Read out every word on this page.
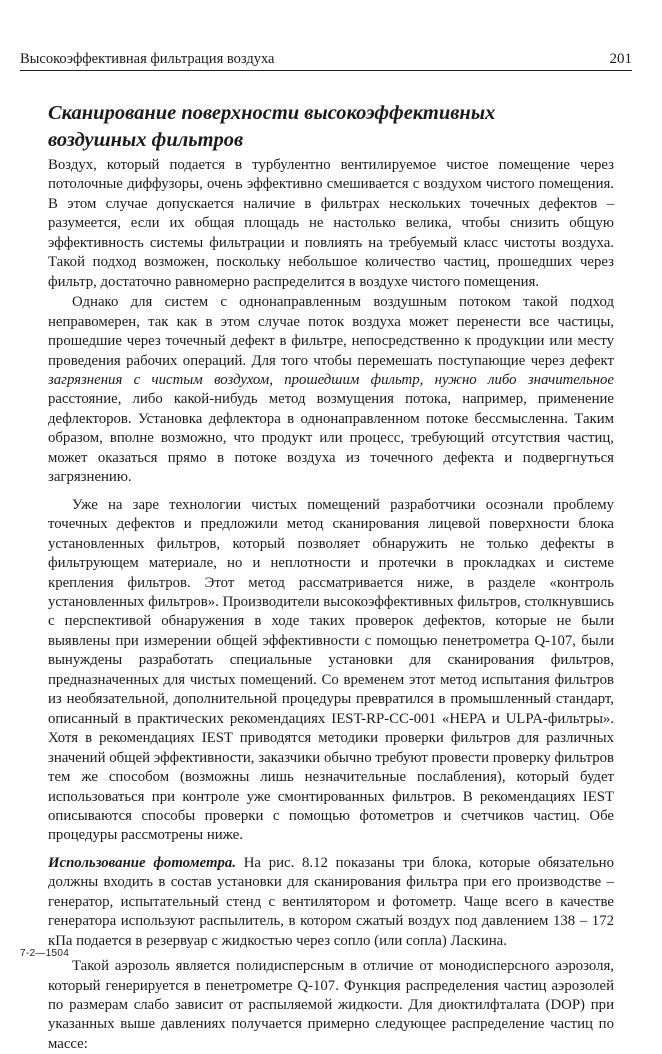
Высокоэффективная фильтрация воздуха	201
Сканирование поверхности высокоэффективных
воздушных фильтров

Воздух, который подается в турбулентно вентилируемое чистое помещение через потолочные диффузоры, очень эффективно смешивается с воздухом чистого помещения. В этом случае допускается наличие в фильтрах нескольких точечных дефектов – разумеется, если их общая площадь не настолько велика, чтобы снизить общую эффективность системы фильтрации и повлиять на требуемый класс чистоты воздуха. Такой подход возможен, поскольку небольшое количество частиц, прошедших через фильтр, достаточно равномерно распределится в воздухе чистого помещения.

Однако для систем с однонаправленным воздушным потоком такой подход неправомерен, так как в этом случае поток воздуха может перенести все частицы, прошедшие через точечный дефект в фильтре, непосредственно к продукции или месту проведения рабочих операций. Для того чтобы перемешать поступающие через дефект загрязнения с чистым воздухом, прошедшим фильтр, нужно либо значительное расстояние, либо какой-нибудь метод возмущения потока, например, применение дефлекторов. Установка дефлектора в однонаправленном потоке бессмысленна. Таким образом, вполне возможно, что продукт или процесс, требующий отсутствия частиц, может оказаться прямо в потоке воздуха из точечного дефекта и подвергнуться загрязнению.

Уже на заре технологии чистых помещений разработчики осознали проблему точечных дефектов и предложили метод сканирования лицевой поверхности блока установленных фильтров, который позволяет обнаружить не только дефекты в фильтрующем материале, но и неплотности и протечки в прокладках и системе крепления фильтров. Этот метод рассматривается ниже, в разделе «контроль установленных фильтров». Производители высокоэффективных фильтров, столкнувшись с перспективой обнаружения в ходе таких проверок дефектов, которые не были выявлены при измерении общей эффективности с помощью пенетрометра Q-107, были вынуждены разработать специальные установки для сканирования фильтров, предназначенных для чистых помещений. Со временем этот метод испытания фильтров из необязательной, дополнительной процедуры превратился в промышленный стандарт, описанный в практических рекомендациях IEST-RP-CC-001 «HEPA и ULPA-фильтры». Хотя в рекомендациях IEST приводятся методики проверки фильтров для различных значений общей эффективности, заказчики обычно требуют провести проверку фильтров тем же способом (возможны лишь незначительные послабления), который будет использоваться при контроле уже смонтированных фильтров. В рекомендациях IEST описываются способы проверки с помощью фотометров и счетчиков частиц. Обе процедуры рассмотрены ниже.

Использование фотометра. На рис. 8.12 показаны три блока, которые обязательно должны входить в состав установки для сканирования фильтра при его производстве – генератор, испытательный стенд с вентилятором и фотометр. Чаще всего в качестве генератора используют распылитель, в котором сжатый воздух под давлением 138 – 172 кПа подается в резервуар с жидкостью через сопло (или сопла) Ласкина.

Такой аэрозоль является полидисперсным в отличие от монодисперсного аэрозоля, который генерируется в пенетрометре Q-107. Функция распределения частиц аэрозолей по размерам слабо зависит от распыляемой жидкости. Для диоктилфталата (DOP) при указанных выше давлениях получается примерно следующее распределение частиц по массе:

7-2—1504
